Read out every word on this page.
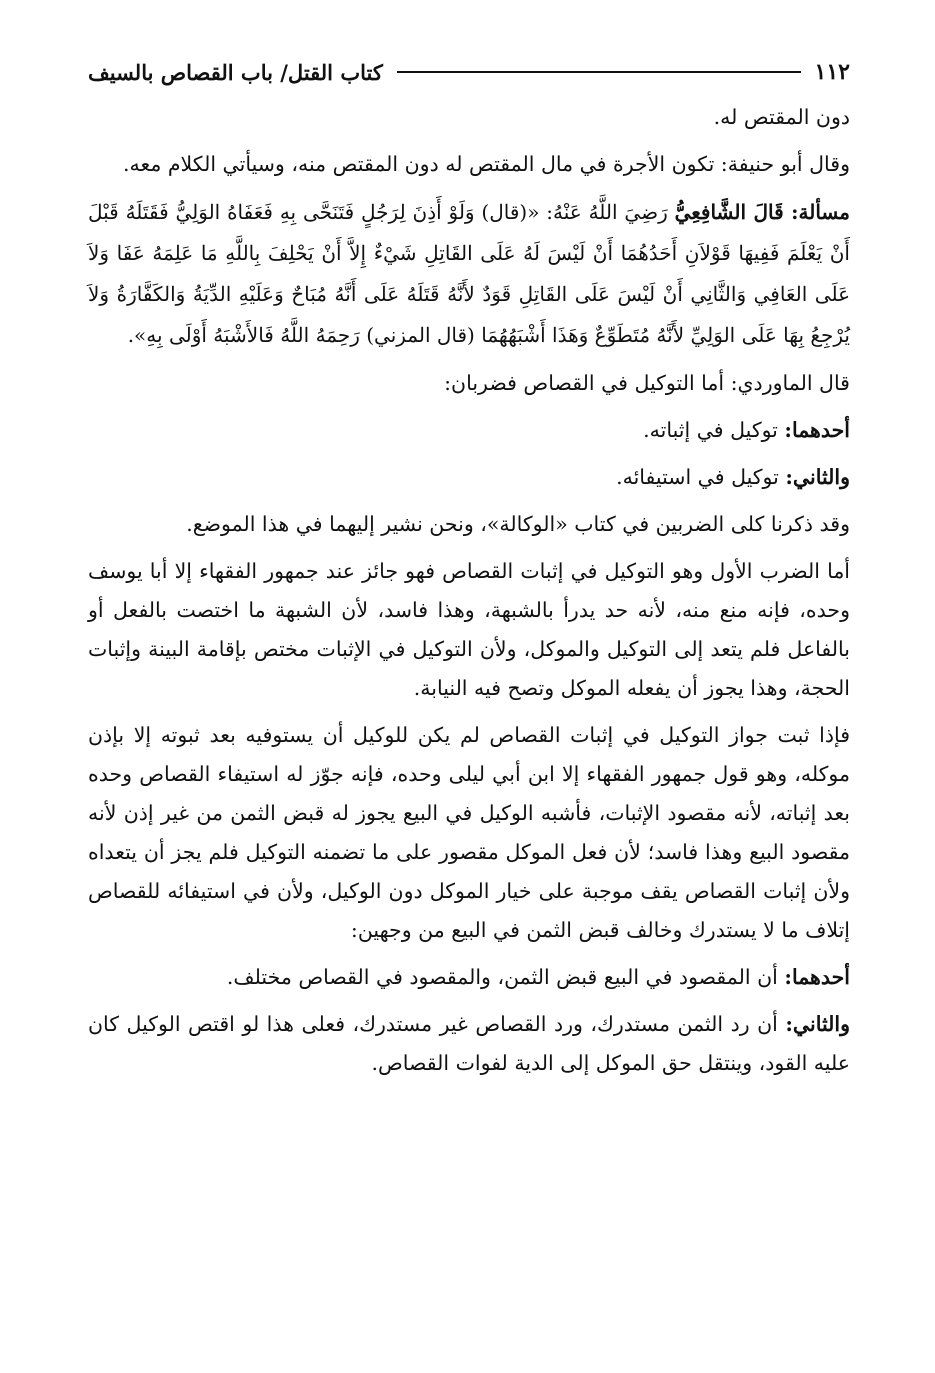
١١٢
كتاب القتل/ باب القصاص بالسيف

دون المقتص له.

وقال أبو حنيفة: تكون الأجرة في مال المقتص له دون المقتص منه، وسيأتي الكلام معه.

مسألة: قَالَ الشَّافِعِيُّ رَضِيَ اللَّهُ عَنْهُ: «(قال) وَلَوْ أَذِنَ لِرَجُلٍ فَتَنَحَّى بِهِ فَعَفَاهُ الوَلِيُّ فَقَتَلَهُ قَبْلَ أَنْ يَعْلَمَ فَفِيهَا قَوْلاَنِ أَحَدُهُمَا أَنْ لَيْسَ لَهُ عَلَى القَاتِلِ شَيْءٌ إِلاَّ أَنْ يَحْلِفَ بِاللَّهِ مَا عَلِمَهُ عَفَا وَلاَ عَلَى العَافِي وَالثَّانِي أَنْ لَيْسَ عَلَى القَاتِلِ قَوَدٌ لأَنَّهُ قَتَلَهُ عَلَى أَنَّهُ مُبَاحٌ وَعَلَيْهِ الدِّيَةُ وَالكَفَّارَةُ وَلاَ يُرْجِعُ بِهَا عَلَى الوَلِيِّ لأَنَّهُ مُتَطَوِّعٌ وَهَذَا أَشْبَهُهُمَا (قال المزني) رَحِمَهُ اللَّهُ فَالأَشْبَهُ أَوْلَى بِهِ».

قال الماوردي: أما التوكيل في القصاص فضربان:

أحدهما: توكيل في إثباته.

والثاني: توكيل في استيفائه.

وقد ذكرنا كلى الضربين في كتاب «الوكالة»، ونحن نشير إليهما في هذا الموضع.

أما الضرب الأول وهو التوكيل في إثبات القصاص فهو جائز عند جمهور الفقهاء إلا أبا يوسف وحده، فإنه منع منه، لأنه حد يدرأ بالشبهة، وهذا فاسد، لأن الشبهة ما اختصت بالفعل أو بالفاعل فلم يتعد إلى التوكيل والموكل، ولأن التوكيل في الإثبات مختص بإقامة البينة وإثبات الحجة، وهذا يجوز أن يفعله الموكل وتصح فيه النيابة.

فإذا ثبت جواز التوكيل في إثبات القصاص لم يكن للوكيل أن يستوفيه بعد ثبوته إلا بإذن موكله، وهو قول جمهور الفقهاء إلا ابن أبي ليلى وحده، فإنه جوّز له استيفاء القصاص وحده بعد إثباته، لأنه مقصود الإثبات، فأشبه الوكيل في البيع يجوز له قبض الثمن من غير إذن لأنه مقصود البيع وهذا فاسد؛ لأن فعل الموكل مقصور على ما تضمنه التوكيل فلم يجز أن يتعداه ولأن إثبات القصاص يقف موجبة على خيار الموكل دون الوكيل، ولأن في استيفائه للقصاص إتلاف ما لا يستدرك وخالف قبض الثمن في البيع من وجهين:

أحدهما: أن المقصود في البيع قبض الثمن، والمقصود في القصاص مختلف.

والثاني: أن رد الثمن مستدرك، ورد القصاص غير مستدرك، فعلى هذا لو اقتص الوكيل كان عليه القود، وينتقل حق الموكل إلى الدية لفوات القصاص.
